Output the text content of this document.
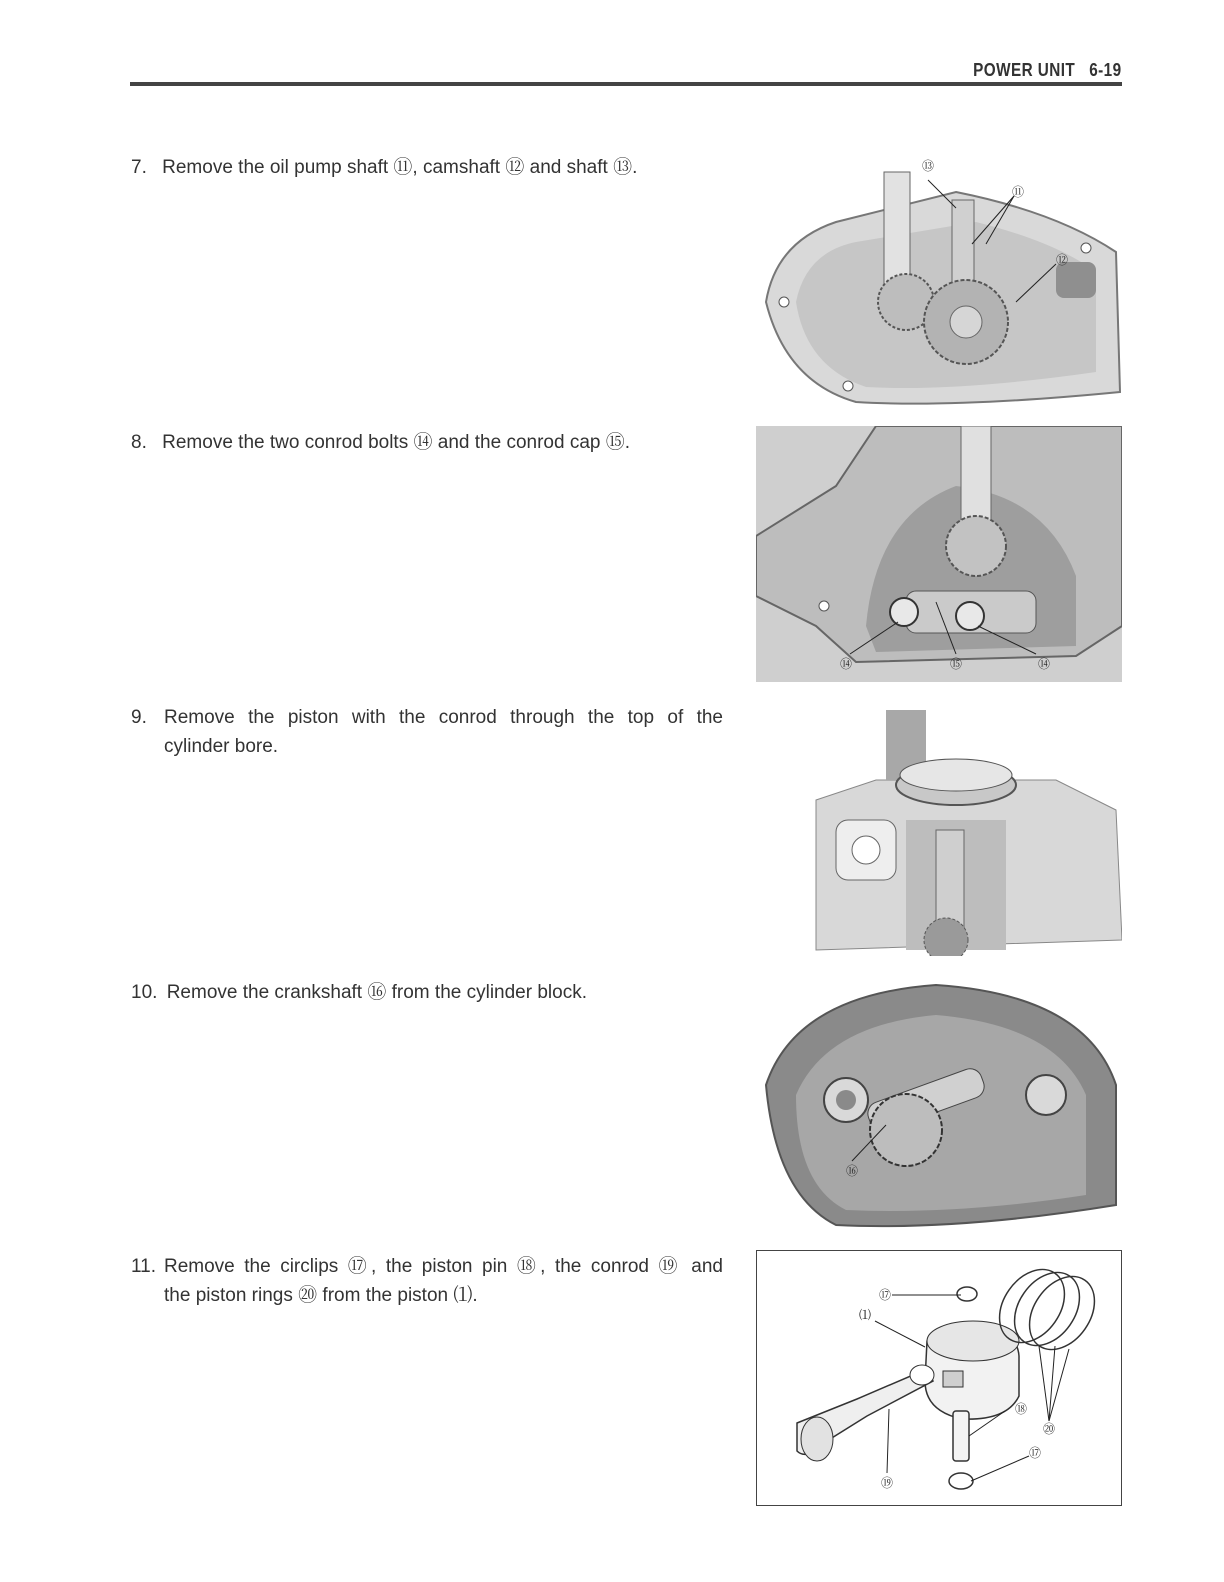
POWER UNIT 6-19
7. Remove the oil pump shaft ⑪, camshaft ⑫ and shaft ⑬.
8. Remove the two conrod bolts ⑭ and the conrod cap ⑮.
9. Remove the piston with the conrod through the top of the
cylinder bore.
10. Remove the crankshaft ⑯ from the cylinder block.
11. Remove the circlips ⑰, the piston pin ⑱, the conrod ⑲ and
the piston rings ⑳ from the piston ⑴.
⑬
⑪
⑫
⑭	⑮	⑭
⑯
⑰
⑴
⑱
⑳
⑰
⑲
